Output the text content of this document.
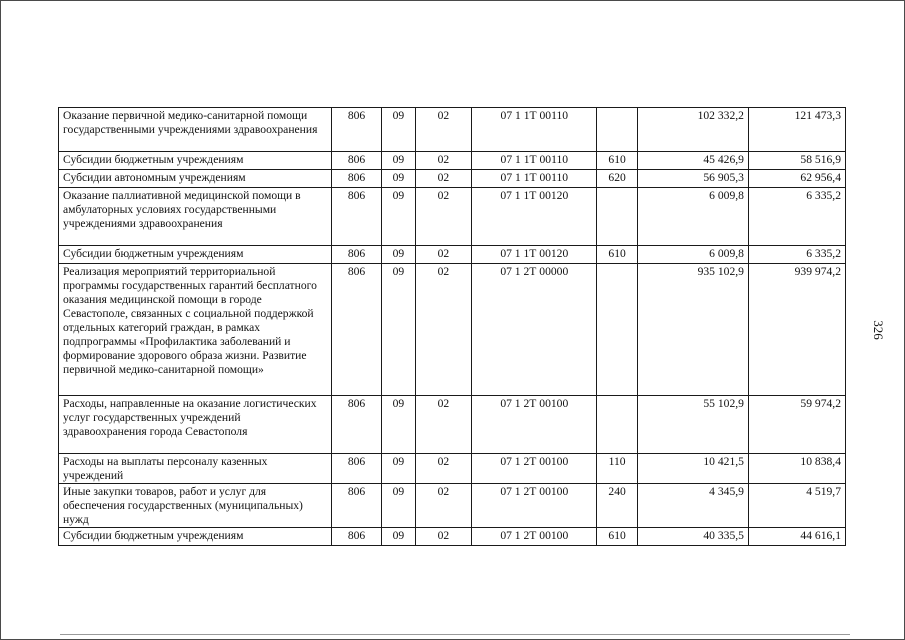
Оказание первичной медико-санитарной помощи государственными учреждениями здравоохранения	806	09	02	07 1 1Т 00110		102 332,2	121 473,3
Субсидии бюджетным учреждениям	806	09	02	07 1 1Т 00110	610	45 426,9	58 516,9
Субсидии автономным учреждениям	806	09	02	07 1 1Т 00110	620	56 905,3	62 956,4
Оказание паллиативной медицинской помощи в амбулаторных условиях государственными учреждениями здравоохранения	806	09	02	07 1 1Т 00120		6 009,8	6 335,2
Субсидии бюджетным учреждениям	806	09	02	07 1 1Т 00120	610	6 009,8	6 335,2
Реализация мероприятий территориальной программы государственных гарантий бесплатного оказания медицинской помощи в городе Севастополе, связанных с социальной поддержкой отдельных категорий граждан, в рамках подпрограммы «Профилактика заболеваний и формирование здорового образа жизни. Развитие первичной медико-санитарной помощи»	806	09	02	07 1 2Т 00000		935 102,9	939 974,2
Расходы, направленные на оказание логистических услуг государственных учреждений здравоохранения города Севастополя	806	09	02	07 1 2Т 00100		55 102,9	59 974,2
Расходы на выплаты персоналу казенных учреждений	806	09	02	07 1 2Т 00100	110	10 421,5	10 838,4
Иные закупки товаров, работ и услуг для обеспечения государственных (муниципальных) нужд	806	09	02	07 1 2Т 00100	240	4 345,9	4 519,7
Субсидии бюджетным учреждениям	806	09	02	07 1 2Т 00100	610	40 335,5	44 616,1
326
